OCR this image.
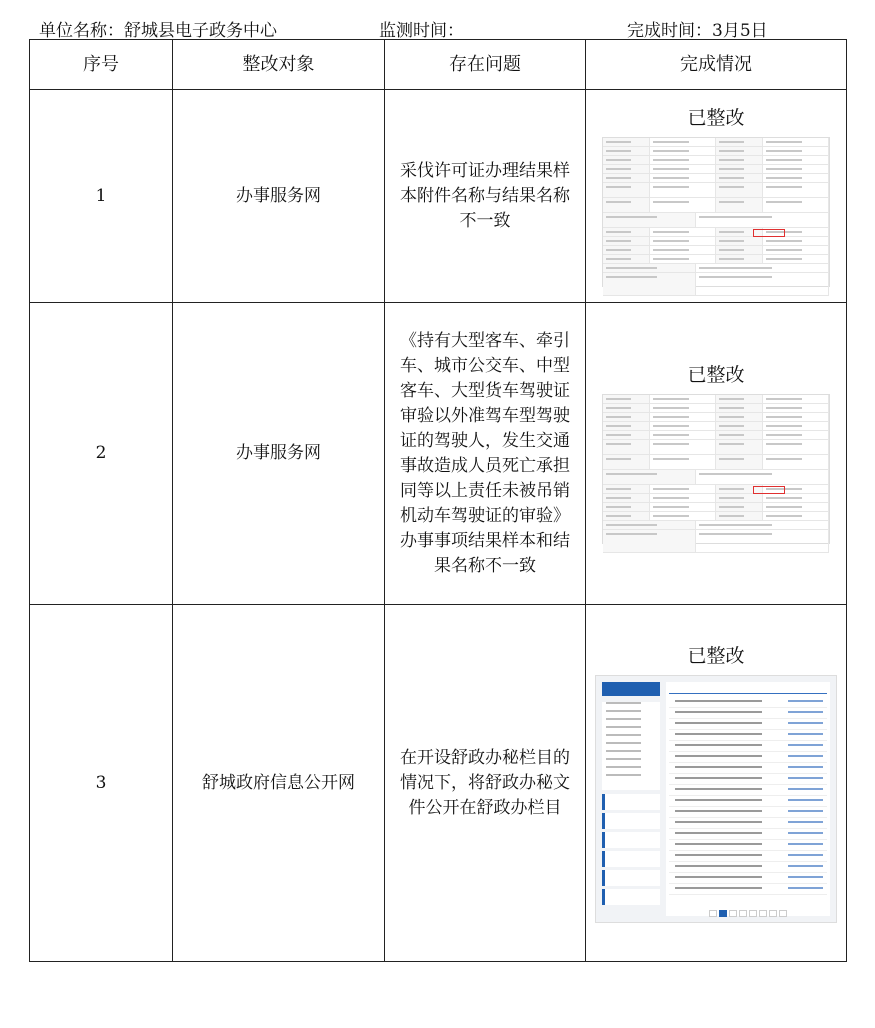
单位名称：舒城县电子政务中心	监测时间：	完成时间：3月5日
序号	整改对象	存在问题	完成情况
1	办事服务网	采伐许可证办理结果样本附件名称与结果名称不一致	已整改

2	办事服务网	《持有大型客车、牵引车、城市公交车、中型客车、大型货车驾驶证审验以外准驾车型驾驶证的驾驶人，发生交通事故造成人员死亡承担同等以上责任未被吊销机动车驾驶证的审验》办事事项结果样本和结果名称不一致	已整改

3	舒城政府信息公开网	在开设舒政办秘栏目的情况下，将舒政办秘文件公开在舒政办栏目	已整改
